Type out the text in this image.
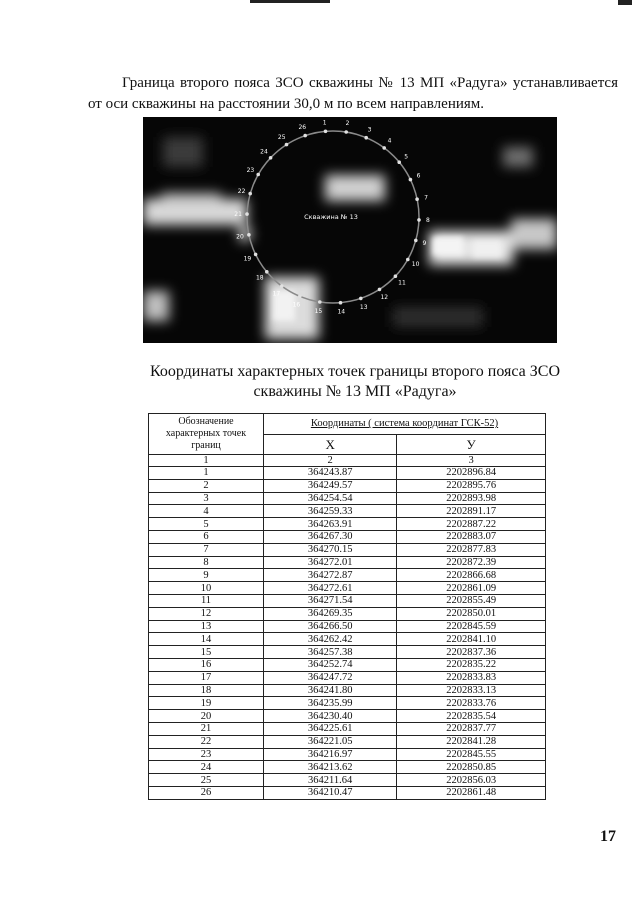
Граница второго пояса ЗСО скважины № 13 МП «Радуга» устанавливается от оси скважины на расстоянии 30,0 м по всем направлениям.

1	2
3
4
5
6
7
8
9
10
11
12
13
14
15
16
17
18
19
20
21
22
23
24
25
26
Скважина № 13
Координаты характерных точек границы второго пояса ЗСО
скважины № 13 МП «Радуга»
Обозначение характерных точек границ	Координаты ( система координат ГСК-52)	
	X	У
1	2	3
1	364243.87	2202896.84
2	364249.57	2202895.76
3	364254.54	2202893.98
4	364259.33	2202891.17
5	364263.91	2202887.22
6	364267.30	2202883.07
7	364270.15	2202877.83
8	364272.01	2202872.39
9	364272.87	2202866.68
10	364272.61	2202861.09
11	364271.54	2202855.49
12	364269.35	2202850.01
13	364266.50	2202845.59
14	364262.42	2202841.10
15	364257.38	2202837.36
16	364252.74	2202835.22
17	364247.72	2202833.83
18	364241.80	2202833.13
19	364235.99	2202833.76
20	364230.40	2202835.54
21	364225.61	2202837.77
22	364221.05	2202841.28
23	364216.97	2202845.55
24	364213.62	2202850.85
25	364211.64	2202856.03
26	364210.47	2202861.48
17
